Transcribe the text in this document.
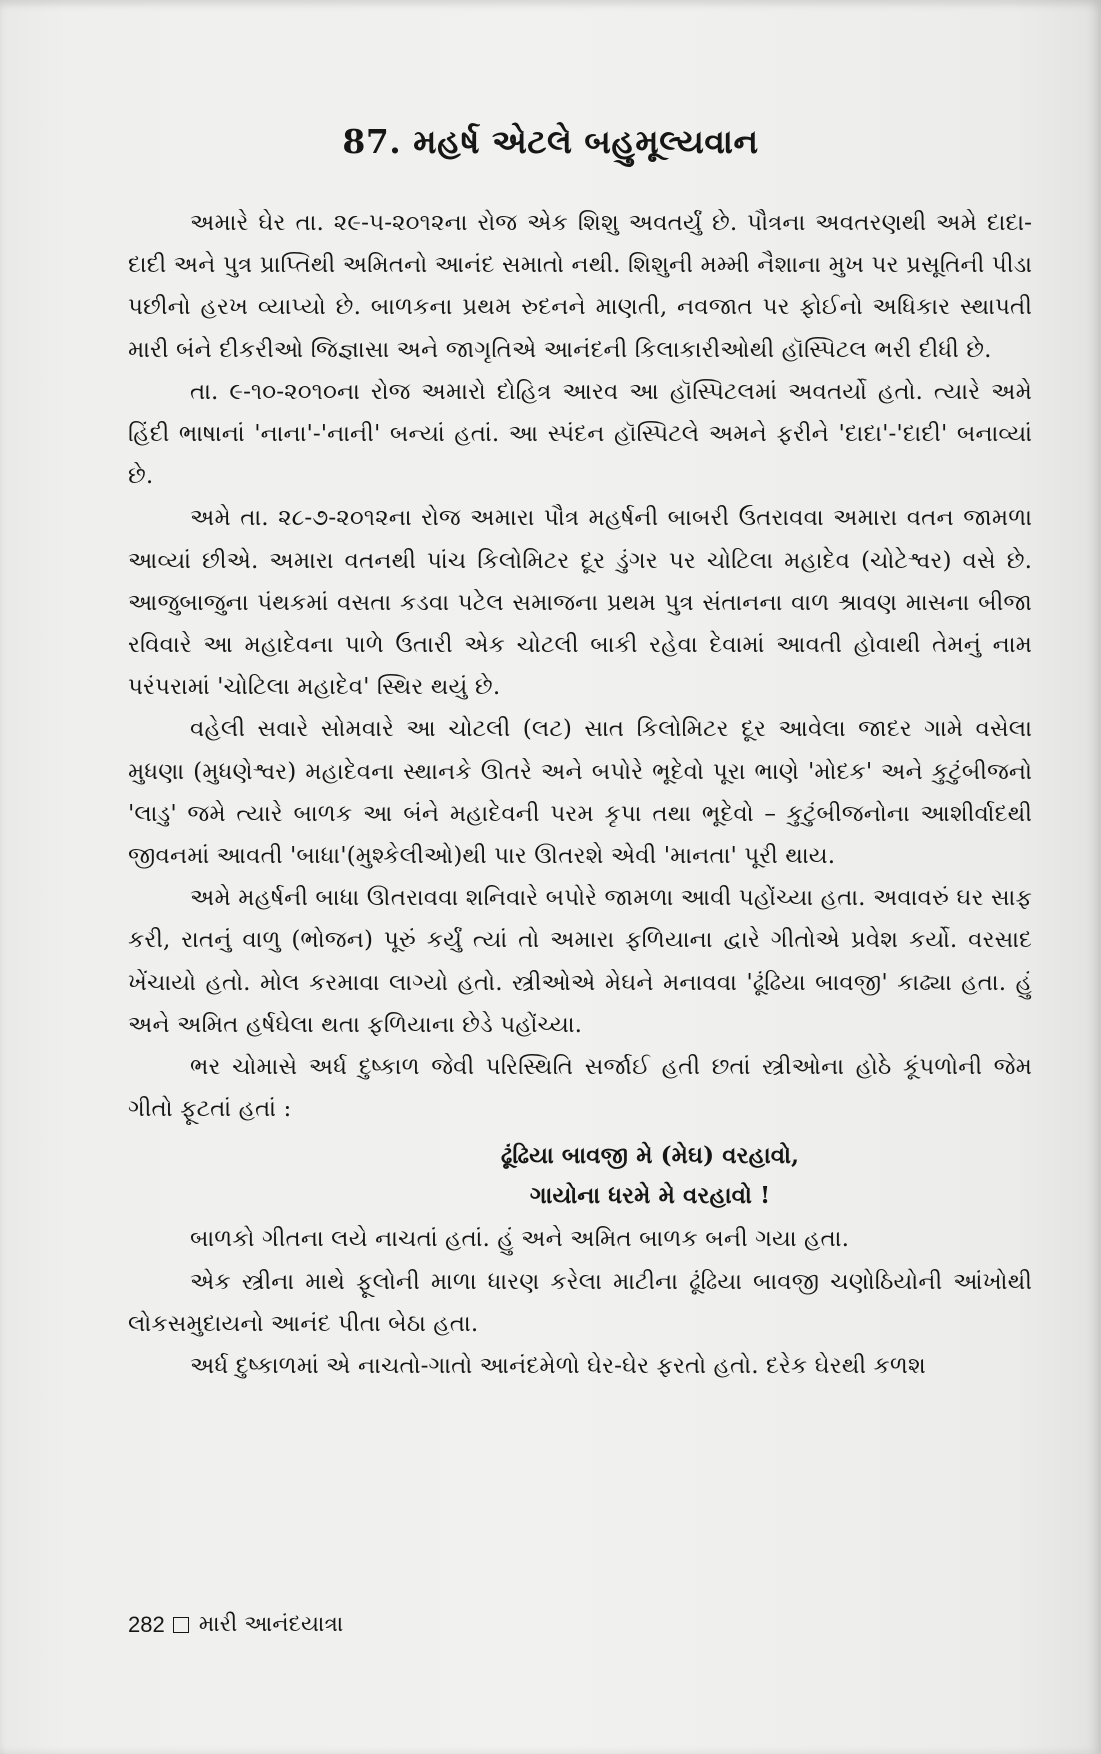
87. મહર્ષ એટલે બહુમૂલ્યવાન

અમારે ઘેર તા. ૨૯-૫-૨૦૧૨ના રોજ એક શિશુ અવતર્યું છે. પૌત્રના અવતરણથી અમે દાદા-દાદી અને પુત્ર પ્રાપ્તિથી અમિતનો આનંદ સમાતો નથી. શિશુની મમ્મી નૈશાના મુખ પર પ્રસૂતિની પીડા પછીનો હરખ વ્યાપ્યો છે. બાળકના પ્રથમ રુદનને માણતી, નવજાત પર ફોઈનો અધિકાર સ્થાપતી મારી બંને દીકરીઓ જિજ્ઞાસા અને જાગૃતિએ આનંદની કિલાકારીઓથી હૉસ્પિટલ ભરી દીધી છે.

તા. ૯-૧૦-૨૦૧૦ના રોજ અમારો દોહિત્ર આરવ આ હૉસ્પિટલમાં અવતર્યો હતો. ત્યારે અમે હિંદી ભાષાનાં 'નાના'-'નાની' બન્યાં હતાં. આ સ્પંદન હૉસ્પિટલે અમને ફરીને 'દાદા'-'દાદી' બનાવ્યાં છે.

અમે તા. ૨૮-૭-૨૦૧૨ના રોજ અમારા પૌત્ર મહર્ષની બાબરી ઉતરાવવા અમારા વતન જામળા આવ્યાં છીએ. અમારા વતનથી પાંચ કિલોમિટર દૂર ડુંગર પર ચોટિલા મહાદેવ (ચોટેશ્વર) વસે છે. આજુબાજુના પંથકમાં વસતા કડવા પટેલ સમાજના પ્રથમ પુત્ર સંતાનના વાળ શ્રાવણ માસના બીજા રવિવારે આ મહાદેવના પાળે ઉતારી એક ચોટલી બાકી રહેવા દેવામાં આવતી હોવાથી તેમનું નામ પરંપરામાં 'ચોટિલા મહાદેવ' સ્થિર થયું છે.

વહેલી સવારે સોમવારે આ ચોટલી (લટ) સાત કિલોમિટર દૂર આવેલા જાદર ગામે વસેલા મુધણા (મુધણેશ્વર) મહાદેવના સ્થાનકે ઊતરે અને બપોરે ભૂદેવો પૂરા ભાણે 'મોદક' અને કુટુંબીજનો 'લાડુ' જમે ત્યારે બાળક આ બંને મહાદેવની પરમ કૃપા તથા ભૂદેવો – કુટુંબીજનોના આશીર્વાદથી જીવનમાં આવતી 'બાધા'(મુશ્કેલીઓ)થી પાર ઊતરશે એવી 'માનતા' પૂરી થાય.

અમે મહર્ષની બાધા ઊતરાવવા શનિવારે બપોરે જામળા આવી પહોંચ્યા હતા. અવાવરું ઘર સાફ કરી, રાતનું વાળુ (ભોજન) પૂરું કર્યું ત્યાં તો અમારા ફળિયાના દ્વારે ગીતોએ પ્રવેશ કર્યો. વરસાદ ખેંચાયો હતો. મોલ કરમાવા લાગ્યો હતો. સ્ત્રીઓએ મેઘને મનાવવા 'ઢૂંઢિયા બાવજી' કાઢ્યા હતા. હું અને અમિત હર્ષઘેલા થતા ફળિયાના છેડે પહોંચ્યા.

ભર ચોમાસે અર્ધ દુષ્કાળ જેવી પરિસ્થિતિ સર્જાઈ હતી છતાં સ્ત્રીઓના હોઠે કૂંપળોની જેમ ગીતો ફૂટતાં હતાં :

ઢૂંઢિયા બાવજી મે (મેઘ) વરહાવો,
ગાયોના ધરમે મે વરહાવો !

બાળકો ગીતના લયે નાચતાં હતાં. હું અને અમિત બાળક બની ગયા હતા.

એક સ્ત્રીના માથે ફૂલોની માળા ધારણ કરેલા માટીના ઢૂંઢિયા બાવજી ચણોઠિયોની આંખોથી લોકસમુદાયનો આનંદ પીતા બેઠા હતા.

અર્ધ દુષ્કાળમાં એ નાચતો-ગાતો આનંદમેળો ઘેર-ઘેર ફરતો હતો. દરેક ઘેરથી કળશ

282 મારી આનંદયાત્રા
